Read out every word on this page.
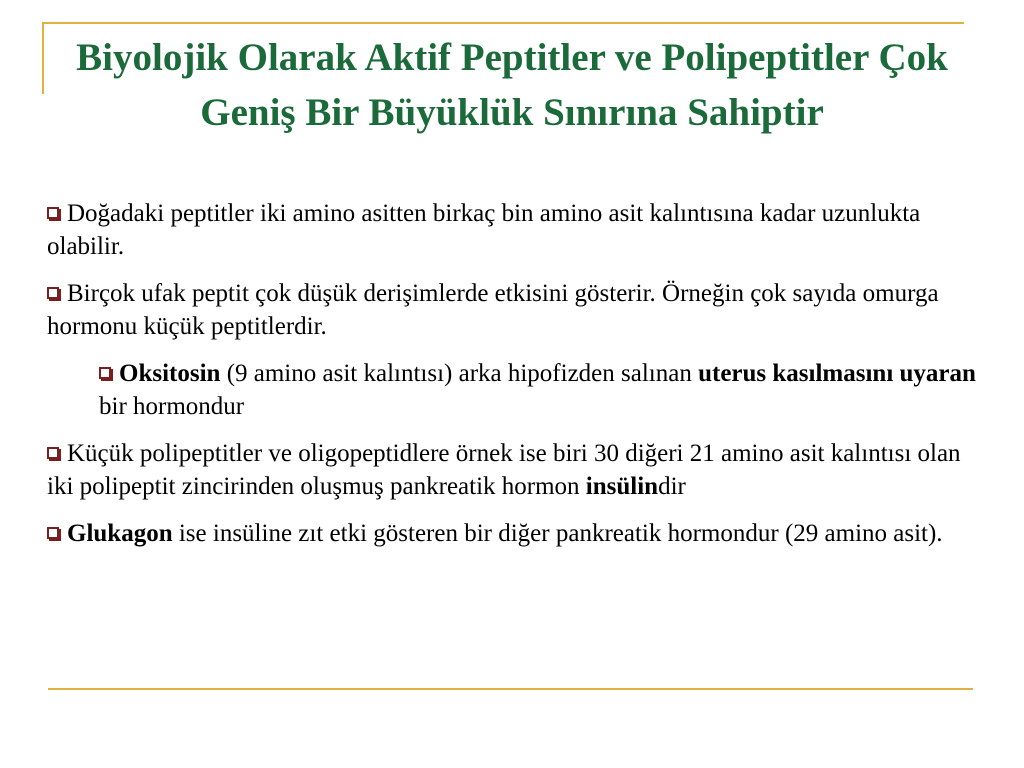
Biyolojik Olarak Aktif Peptitler ve Polipeptitler Çok Geniş Bir Büyüklük Sınırına Sahiptir

Doğadaki peptitler iki amino asitten birkaç bin amino asit kalıntısına kadar uzunlukta olabilir.

Birçok ufak peptit çok düşük derişimlerde etkisini gösterir. Örneğin çok sayıda omurga hormonu küçük peptitlerdir.

Oksitosin (9 amino asit kalıntısı) arka hipofizden salınan uterus kasılmasını uyaran bir hormondur

Küçük polipeptitler ve oligopeptidlere örnek ise biri 30 diğeri 21 amino asit kalıntısı olan iki polipeptit zincirinden oluşmuş pankreatik hormon insülindir

Glukagon ise insüline zıt etki gösteren bir diğer pankreatik hormondur (29 amino asit).
